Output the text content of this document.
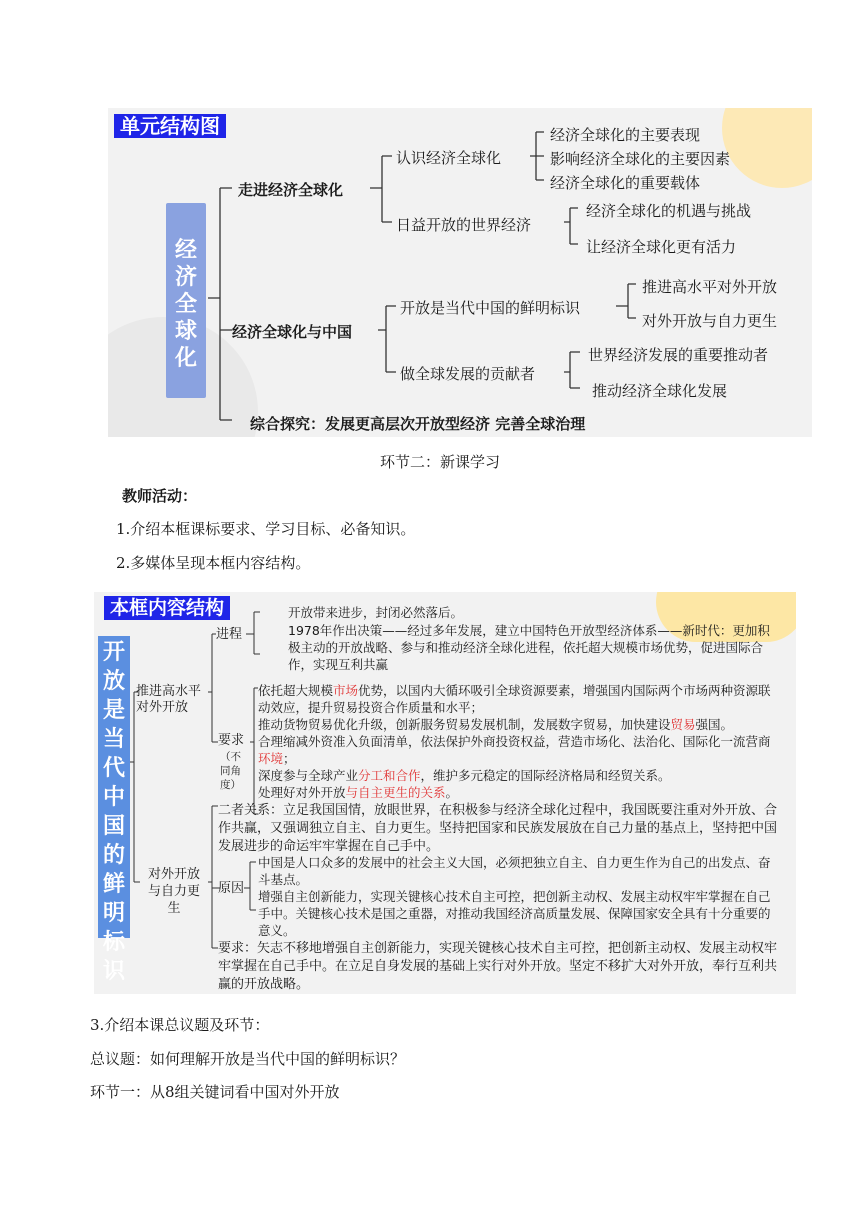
单元结构图
经济全球化
走进经济全球化
认识经济全球化
经济全球化的主要表现
影响经济全球化的主要因素
经济全球化的重要载体
日益开放的世界经济
经济全球化的机遇与挑战
让经济全球化更有活力
经济全球化与中国
开放是当代中国的鲜明标识
推进高水平对外开放
对外开放与自力更生
做全球发展的贡献者
世界经济发展的重要推动者
推动经济全球化发展
综合探究：发展更高层次开放型经济 完善全球治理
环节二：新课学习
教师活动：
1.介绍本框课标要求、学习目标、必备知识。
2.多媒体呈现本框内容结构。
本框内容结构
开放是当代中国的鲜明标识
推进高水平对外开放
进程
开放带来进步，封闭必然落后。
1978年作出决策——经过多年发展，建立中国特色开放型经济体系——新时代：更加积极主动的开放战略、参与和推动经济全球化进程，依托超大规模市场优势，促进国际合作，实现互利共赢
要求
（不同角度）
依托超大规模市场优势，以国内大循环吸引全球资源要素，增强国内国际两个市场两种资源联动效应，提升贸易投资合作质量和水平；
推动货物贸易优化升级，创新服务贸易发展机制，发展数字贸易，加快建设贸易强国。
合理缩减外资准入负面清单，依法保护外商投资权益，营造市场化、法治化、国际化一流营商环境；
深度参与全球产业分工和合作，维护多元稳定的国际经济格局和经贸关系。
处理好对外开放与自主更生的关系。
对外开放与自力更生
二者关系：立足我国国情，放眼世界，在积极参与经济全球化过程中，我国既要注重对外开放、合作共赢，又强调独立自主、自力更生。坚持把国家和民族发展放在自己力量的基点上，坚持把中国发展进步的命运牢牢掌握在自己手中。
原因
中国是人口众多的发展中的社会主义大国，必须把独立自主、自力更生作为自己的出发点、奋斗基点。
增强自主创新能力，实现关键核心技术自主可控，把创新主动权、发展主动权牢牢掌握在自己手中。关键核心技术是国之重器，对推动我国经济高质量发展、保障国家安全具有十分重要的意义。
要求：矢志不移地增强自主创新能力，实现关键核心技术自主可控，把创新主动权、发展主动权牢牢掌握在自己手中。在立足自身发展的基础上实行对外开放。坚定不移扩大对外开放，奉行互利共赢的开放战略。
3.介绍本课总议题及环节：
总议题：如何理解开放是当代中国的鲜明标识？
环节一：从8组关键词看中国对外开放
